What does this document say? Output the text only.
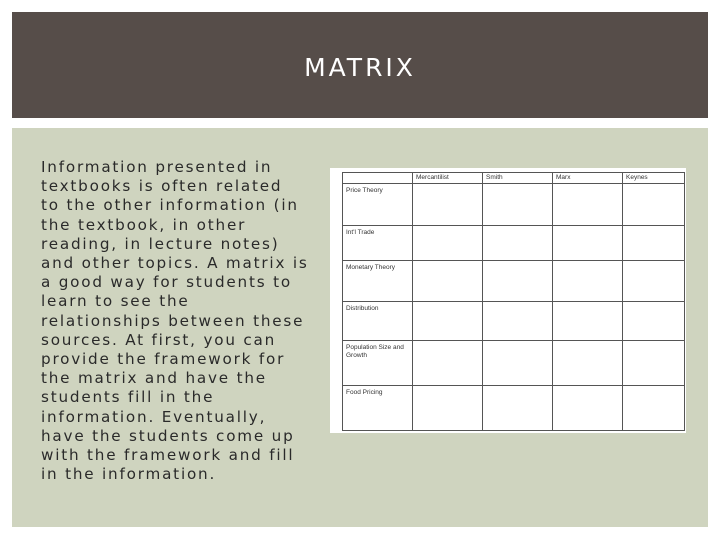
MATRIX

Information presented in
textbooks is often related
to the other information (in
the textbook, in other
reading, in lecture notes)
and other topics. A matrix is
a good way for students to
learn to see the
relationships between these
sources. At first, you can
provide the framework for
the matrix and have the
students fill in the
information. Eventually,
have the students come up
with the framework and fill
in the information.

	Mercantilist	Smith	Marx	Keynes
Price Theory				
Int'l Trade				
Monetary Theory				
Distribution				
Population Size and Growth				
Food Pricing				
